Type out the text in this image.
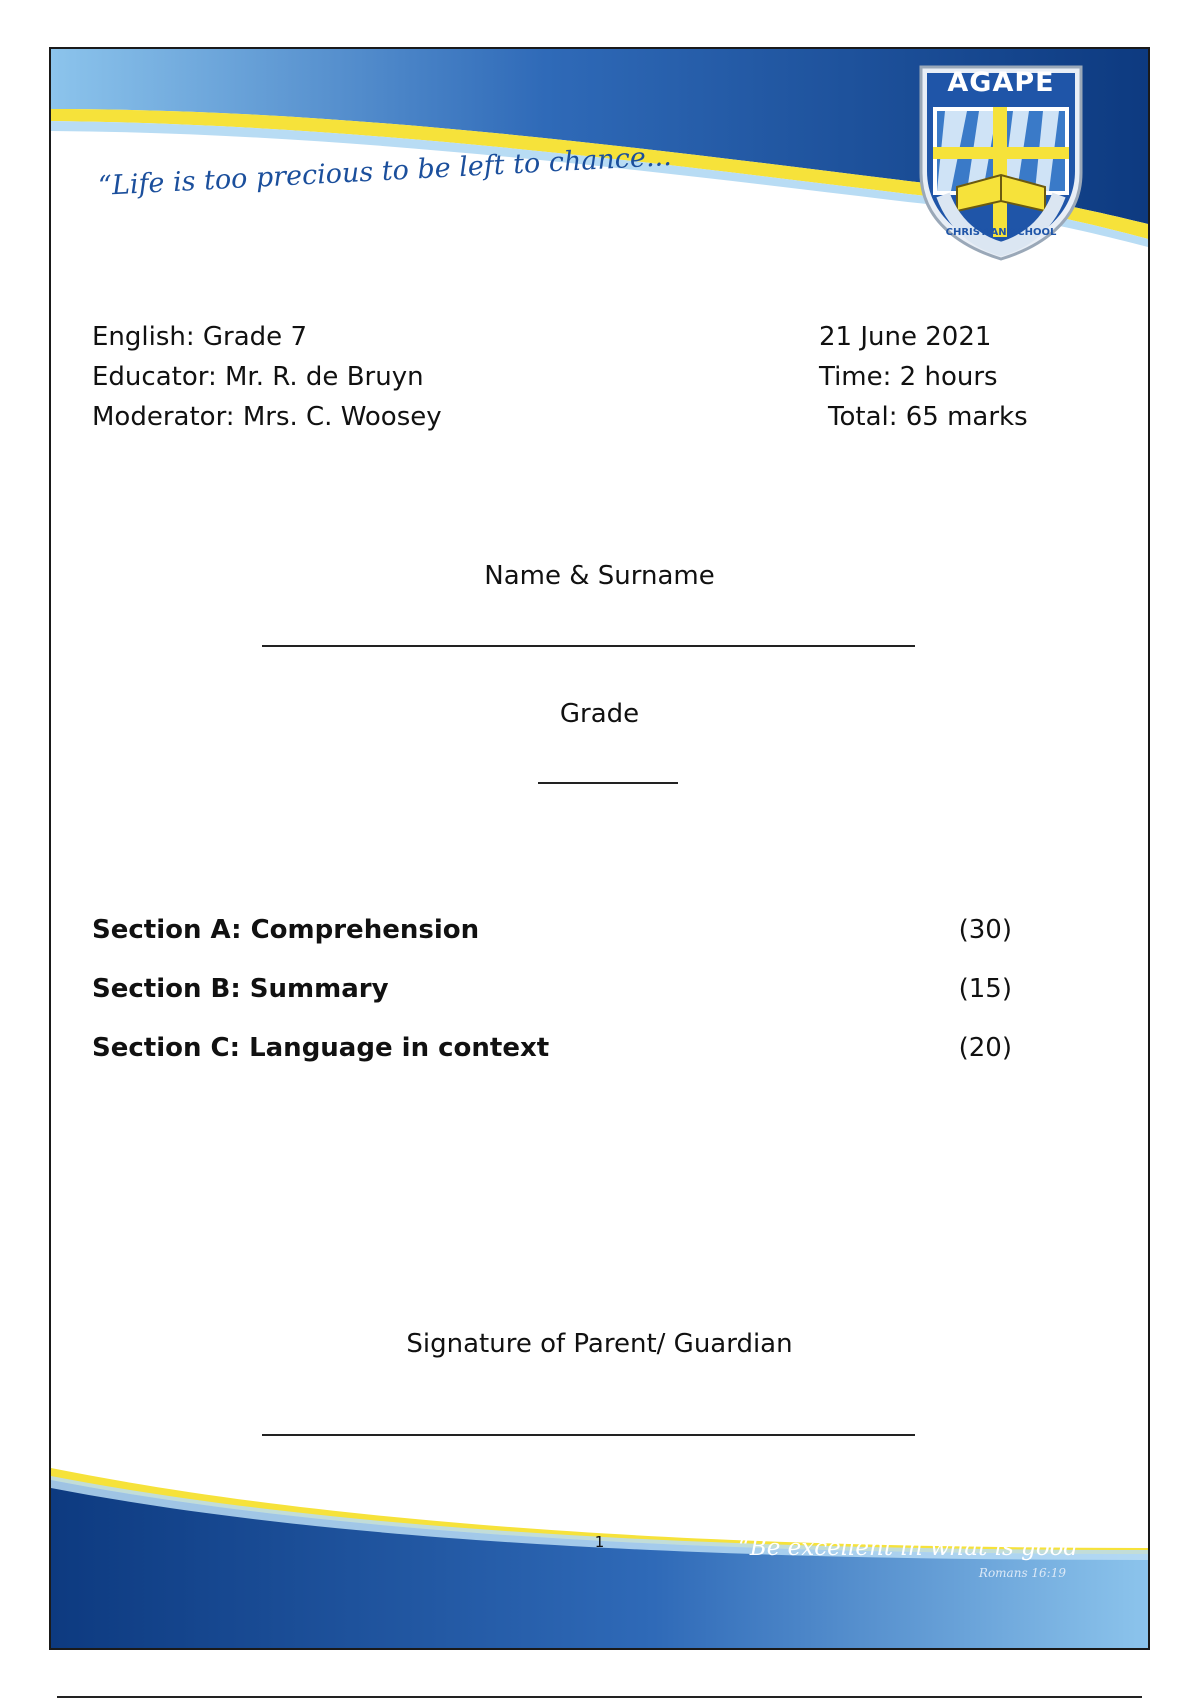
“Life is too precious to be left to chance...
CHRISTIAN SCHOOL
AGAPE
English: Grade 7
Educator: Mr. R. de Bruyn
Moderator: Mrs. C. Woosey
21 June 2021
Time: 2 hours
Total: 65 marks
Name & Surname
Grade
Section A: Comprehension	(30)
Section B: Summary	(15)
Section C: Language in context	(20)
Signature of Parent/ Guardian
1	“Be excellent in what is good”
Romans 16:19
